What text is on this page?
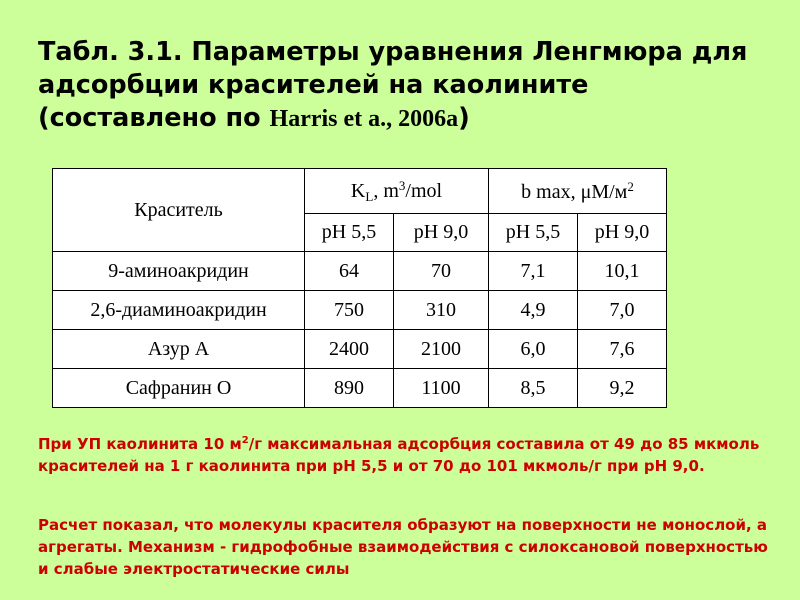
Табл. 3.1. Параметры уравнения Ленгмюра для
адсорбции красителей на каолините
(составлено по Harris et a., 2006a)
Краситель	$K_L$, $m^3$/mol		b max, $\mu M/м^2$
	pH 5,5	pH 9,0	pH 5,5	pH 9,0
9-аминоакридин	64	70	7,1	10,1
2,6-диаминоакридин	750	310	4,9	7,0
Азур А	2400	2100	6,0	7,6
Сафранин О	890	1100	8,5	9,2
При УП каолинита 10 $м^2/г$ максимальная адсорбция составила от 49 до 85 мкмоль красителей на 1 г каолинита при рН 5,5 и от 70 до 101 мкмоль/г при рН 9,0.
Расчет показал, что молекулы красителя образуют на поверхности не монослой, а агрегаты. Механизм - гидрофобные взаимодействия с силоксановой поверхностью и слабые электростатические силы
